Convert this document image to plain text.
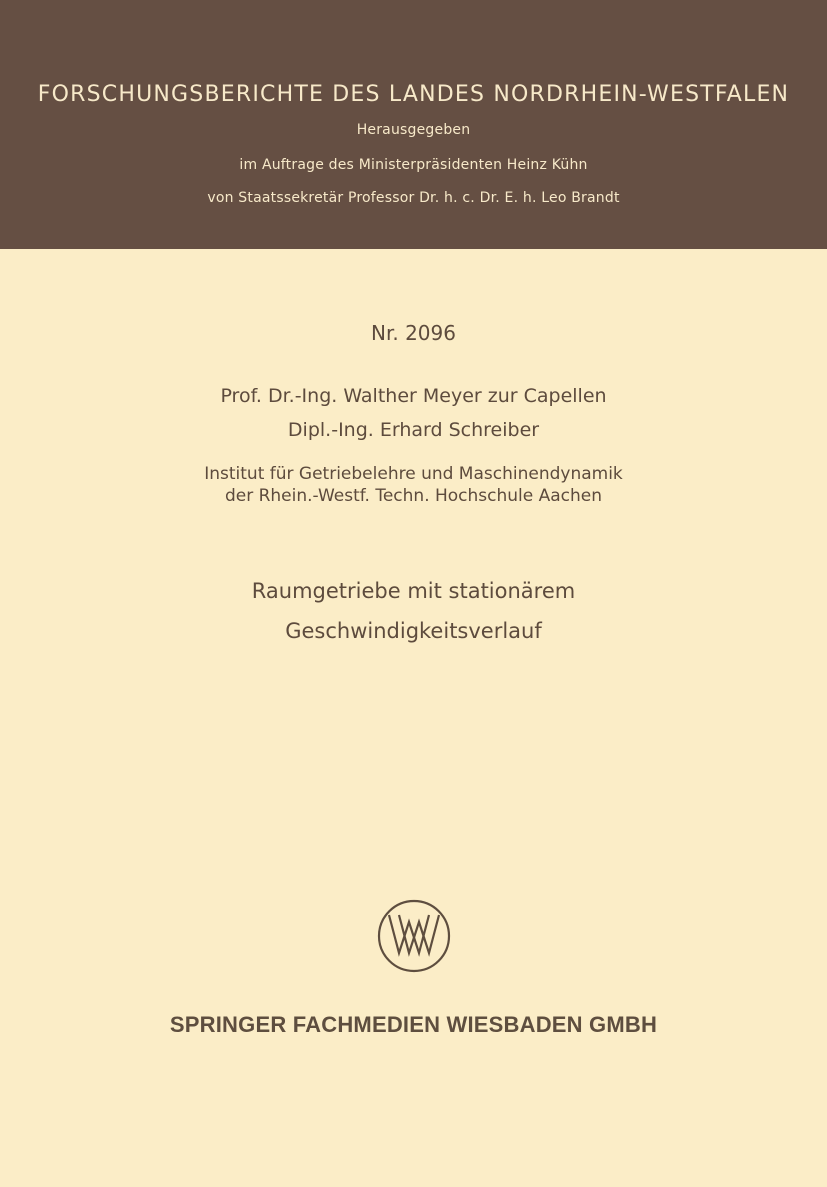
FORSCHUNGSBERICHTE DES LANDES NORDRHEIN-WESTFALEN
Herausgegeben
im Auftrage des Ministerpräsidenten Heinz Kühn
von Staatssekretär Professor Dr. h. c. Dr. E. h. Leo Brandt
Nr. 2096
Prof. Dr.-Ing. Walther Meyer zur Capellen
Dipl.-Ing. Erhard Schreiber
Institut für Getriebelehre und Maschinendynamik
der Rhein.-Westf. Techn. Hochschule Aachen
Raumgetriebe mit stationärem
Geschwindigkeitsverlauf
SPRINGER FACHMEDIEN WIESBADEN GMBH
